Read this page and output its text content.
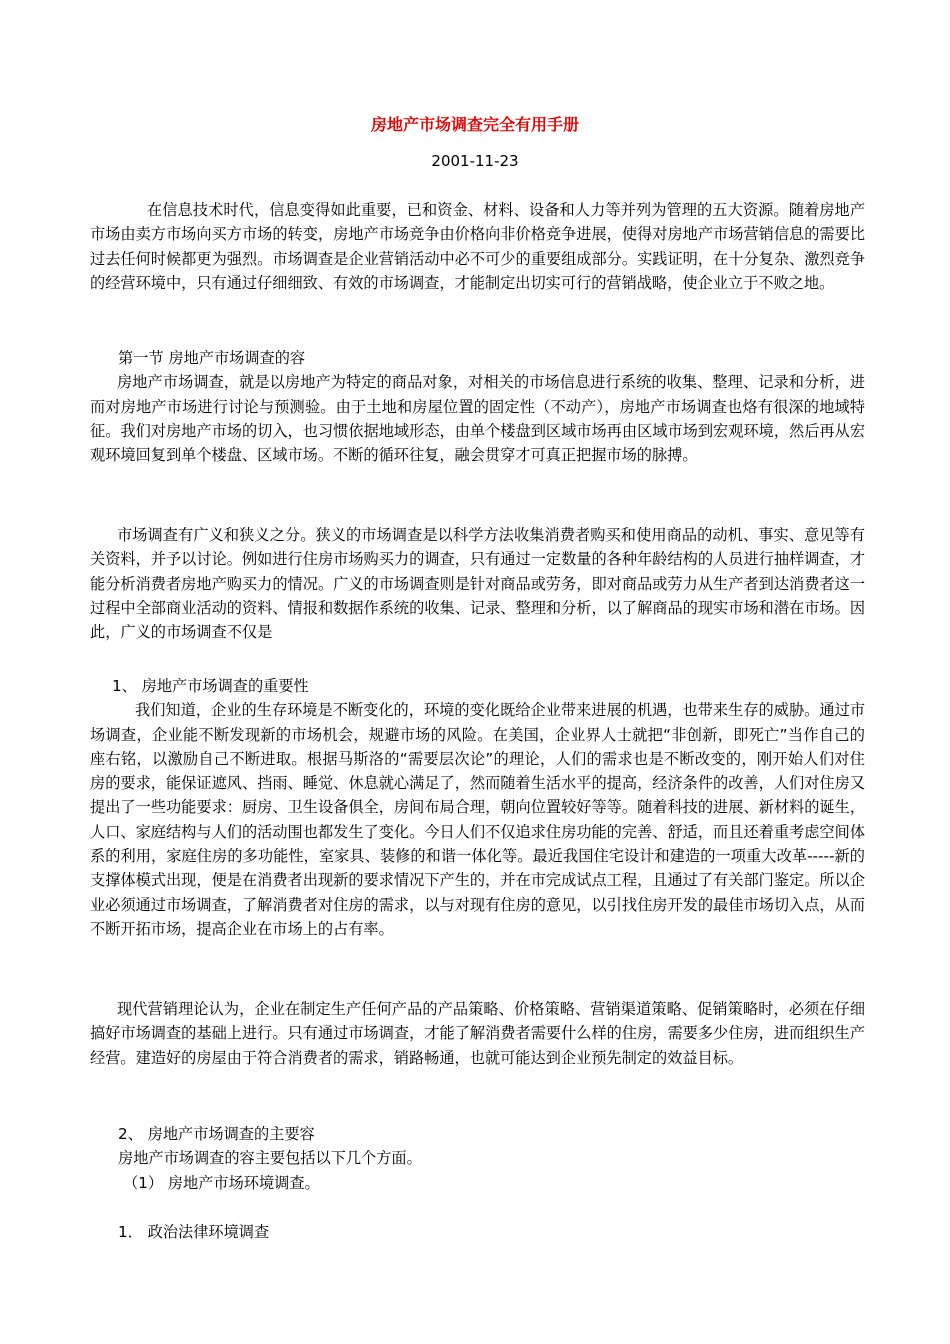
房地产市场调查完全有用手册
2001-11-23

在信息技术时代，信息变得如此重要，已和资金、材料、设备和人力等并列为管理的五大资源。随着房地产市场由卖方市场向买方市场的转变，房地产市场竞争由价格向非价格竞争进展，使得对房地产市场营销信息的需要比过去任何时候都更为强烈。市场调查是企业营销活动中必不可少的重要组成部分。实践证明，在十分复杂、激烈竞争的经营环境中，只有通过仔细细致、有效的市场调查，才能制定出切实可行的营销战略，使企业立于不败之地。

第一节 房地产市场调查的容

房地产市场调查，就是以房地产为特定的商品对象，对相关的市场信息进行系统的收集、整理、记录和分析，进而对房地产市场进行讨论与预测验。由于土地和房屋位置的固定性（不动产），房地产市场调查也烙有很深的地域特征。我们对房地产市场的切入，也习惯依据地域形态，由单个楼盘到区域市场再由区域市场到宏观环境，然后再从宏观环境回复到单个楼盘、区域市场。不断的循环往复，融会贯穿才可真正把握市场的脉搏。

市场调查有广义和狭义之分。狭义的市场调查是以科学方法收集消费者购买和使用商品的动机、事实、意见等有关资料，并予以讨论。例如进行住房市场购买力的调查，只有通过一定数量的各种年龄结构的人员进行抽样调查，才能分析消费者房地产购买力的情况。广义的市场调查则是针对商品或劳务，即对商品或劳力从生产者到达消费者这一过程中全部商业活动的资料、情报和数据作系统的收集、记录、整理和分析，以了解商品的现实市场和潜在市场。因此，广义的市场调查不仅是

1、 房地产市场调查的重要性

我们知道，企业的生存环境是不断变化的，环境的变化既给企业带来进展的机遇，也带来生存的威胁。通过市场调查，企业能不断发现新的市场机会，规避市场的风险。在美国，企业界人士就把“非创新，即死亡”当作自己的座右铭，以激励自己不断进取。根据马斯洛的“需要层次论”的理论，人们的需求也是不断改变的，刚开始人们对住房的要求，能保证遮风、挡雨、睡觉、休息就心满足了，然而随着生活水平的提高，经济条件的改善，人们对住房又提出了一些功能要求：厨房、卫生设备俱全，房间布局合理，朝向位置较好等等。随着科技的进展、新材料的诞生，人口、家庭结构与人们的活动围也都发生了变化。今日人们不仅追求住房功能的完善、舒适，而且还着重考虑空间体系的利用，家庭住房的多功能性，室家具、装修的和谐一体化等。最近我国住宅设计和建造的一项重大改革-----新的支撑体模式出现，便是在消费者出现新的要求情况下产生的，并在市完成试点工程，且通过了有关部门鉴定。所以企业必须通过市场调查，了解消费者对住房的需求，以与对现有住房的意见，以引找住房开发的最佳市场切入点，从而不断开拓市场，提高企业在市场上的占有率。

现代营销理论认为，企业在制定生产任何产品的产品策略、价格策略、营销渠道策略、促销策略时，必须在仔细搞好市场调查的基础上进行。只有通过市场调查，才能了解消费者需要什么样的住房，需要多少住房，进而组织生产经营。建造好的房屋由于符合消费者的需求，销路畅通，也就可能达到企业预先制定的效益目标。

2、 房地产市场调查的主要容

房地产市场调查的容主要包括以下几个方面。

（1） 房地产市场环境调查。

1． 政治法律环境调查
